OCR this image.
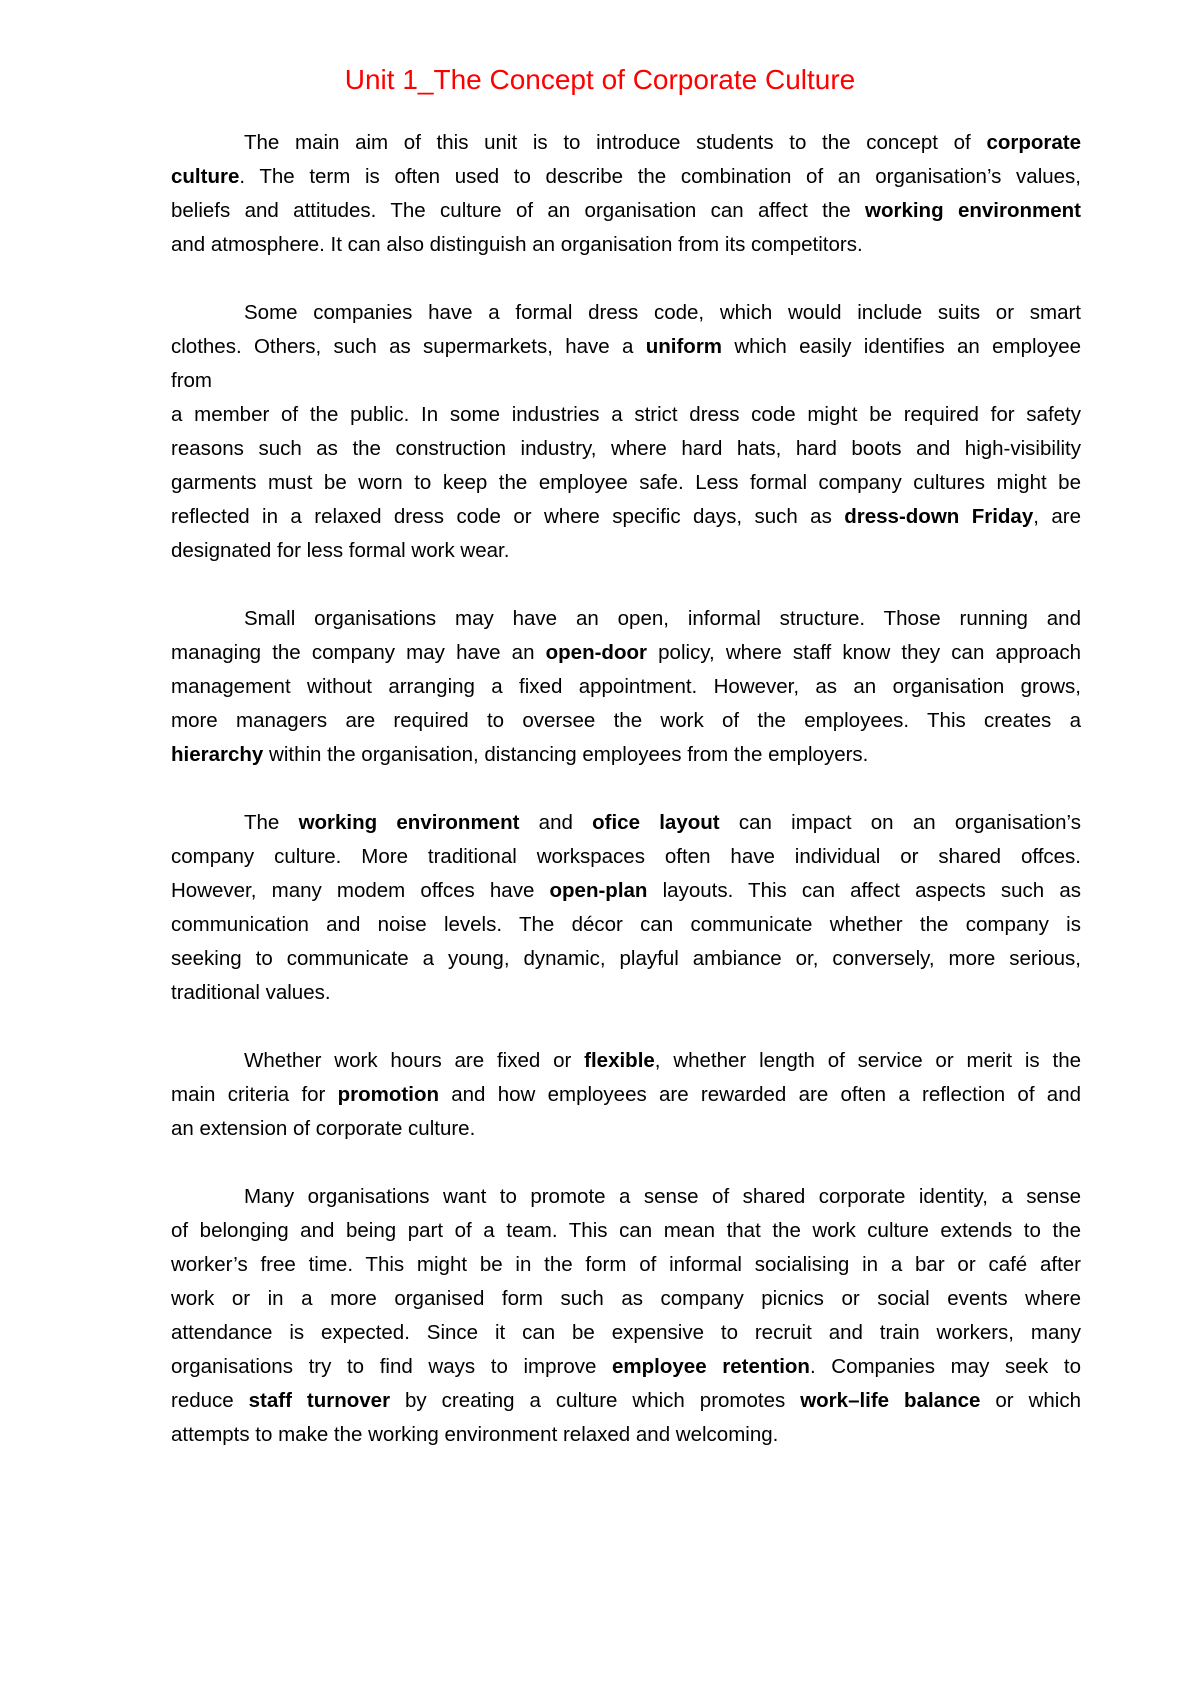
Unit 1_The Concept of Corporate Culture

The main aim of this unit is to introduce students to the concept of corporate
culture. The term is often used to describe the combination of an organisation’s values,
beliefs and attitudes. The culture of an organisation can affect the working environment
and atmosphere. It can also distinguish an organisation from its competitors.

Some companies have a formal dress code, which would include suits or smart
clothes. Others, such as supermarkets, have a uniform which easily identifies an employee
from

a member of the public. In some industries a strict dress code might be required for safety
reasons such as the construction industry, where hard hats, hard boots and high-visibility
garments must be worn to keep the employee safe. Less formal company cultures might be
reflected in a relaxed dress code or where specific days, such as dress-down Friday, are
designated for less formal work wear.

Small organisations may have an open, informal structure. Those running and
managing the company may have an open-door policy, where staff know they can approach
management without arranging a fixed appointment. However, as an organisation grows,
more managers are required to oversee the work of the employees. This creates a
hierarchy within the organisation, distancing employees from the employers.

The working environment and ofice layout can impact on an organisation’s
company culture. More traditional workspaces often have individual or shared offces.
However, many modem offces have open-plan layouts. This can affect aspects such as
communication and noise levels. The décor can communicate whether the company is
seeking to communicate a young, dynamic, playful ambiance or, conversely, more serious,
traditional values.

Whether work hours are fixed or flexible, whether length of service or merit is the
main criteria for promotion and how employees are rewarded are often a reflection of and
an extension of corporate culture.

Many organisations want to promote a sense of shared corporate identity, a sense
of belonging and being part of a team. This can mean that the work culture extends to the
worker’s free time. This might be in the form of informal socialising in a bar or café after
work or in a more organised form such as company picnics or social events where
attendance is expected. Since it can be expensive to recruit and train workers, many
organisations try to find ways to improve employee retention. Companies may seek to
reduce staff turnover by creating a culture which promotes work–life balance or which
attempts to make the working environment relaxed and welcoming.
